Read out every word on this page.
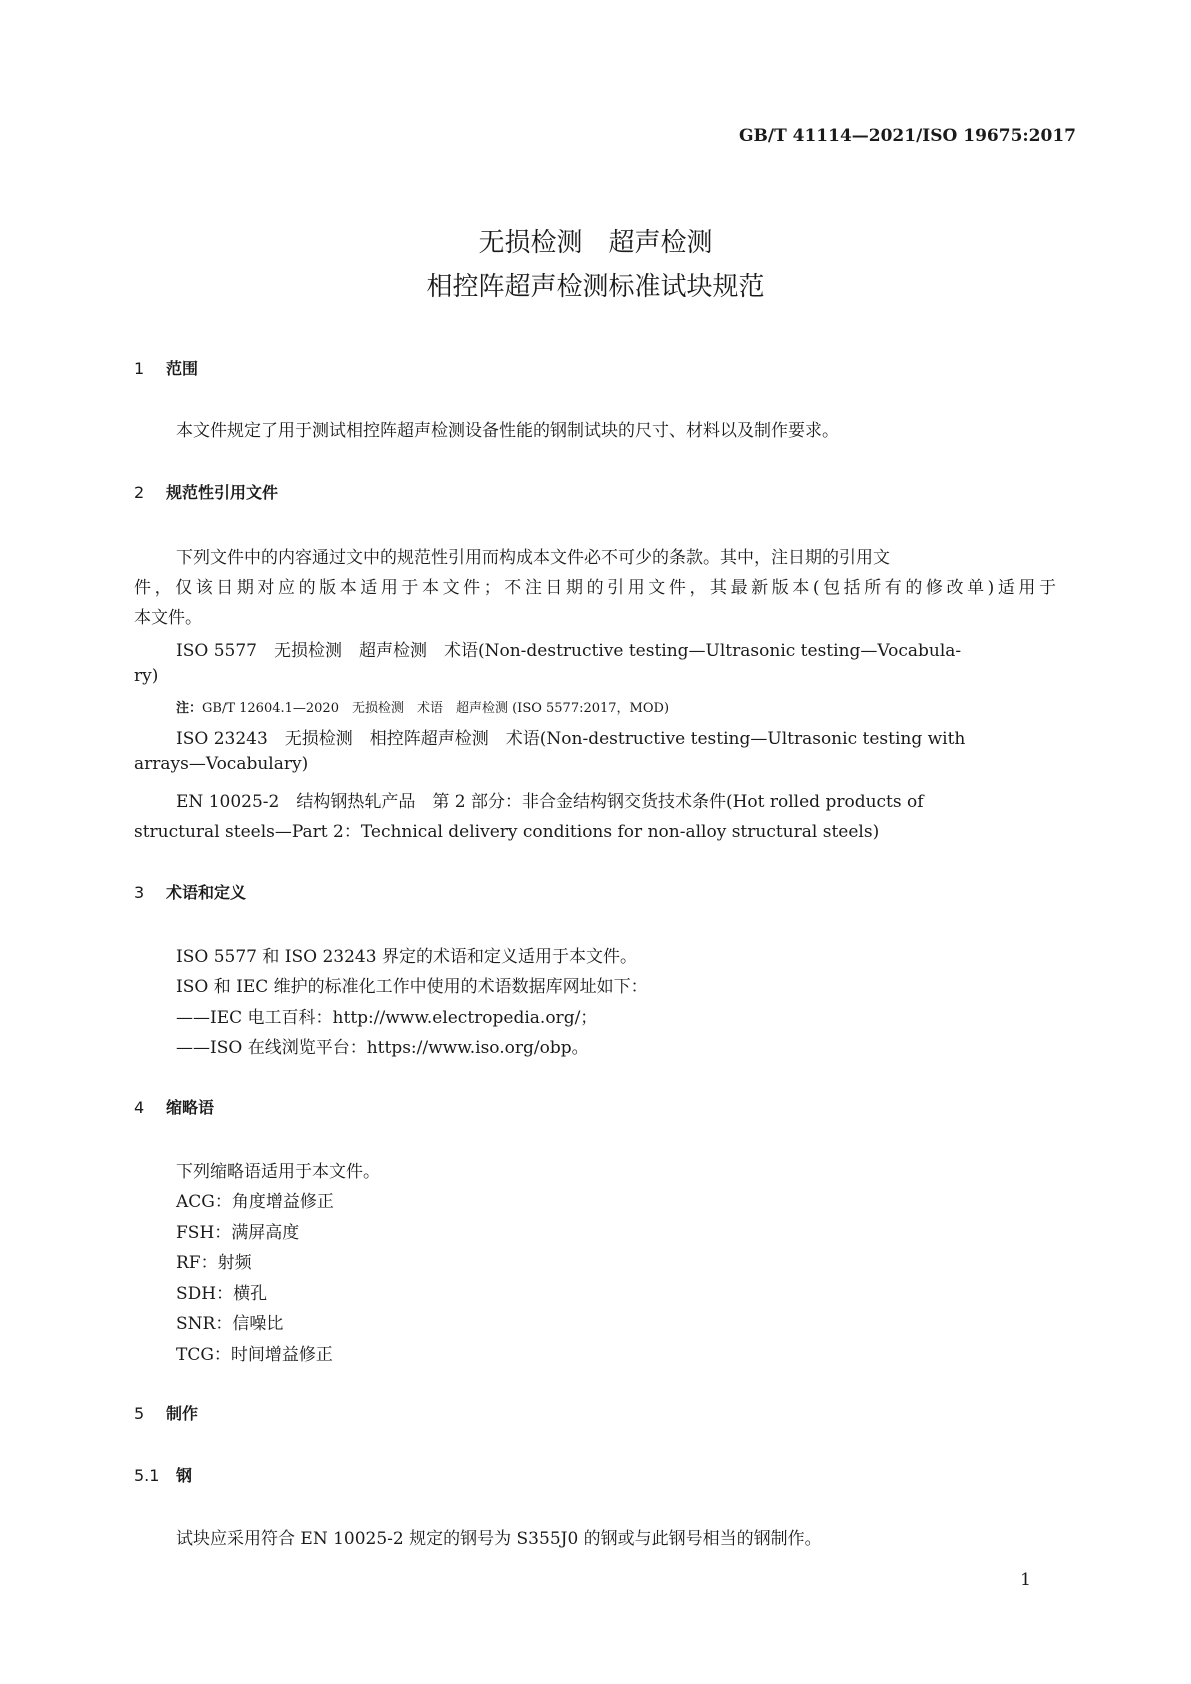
GB/T 41114—2021/ISO 19675:2017
无损检测　超声检测
相控阵超声检测标准试块规范
1 范围
本文件规定了用于测试相控阵超声检测设备性能的钢制试块的尺寸、材料以及制作要求。
2 规范性引用文件
下列文件中的内容通过文中的规范性引用而构成本文件必不可少的条款。其中，注日期的引用文
件，仅该日期对应的版本适用于本文件；不注日期的引用文件，其最新版本(包括所有的修改单)适用于
本文件。
ISO 5577　无损检测　超声检测　术语(Non-destructive testing—Ultrasonic testing—Vocabula-
ry)
注：GB/T 12604.1—2020　无损检测　术语　超声检测 (ISO 5577:2017，MOD)
ISO 23243　无损检测　相控阵超声检测　术语(Non-destructive testing—Ultrasonic testing with
arrays—Vocabulary)
EN 10025-2　结构钢热轧产品　第 2 部分：非合金结构钢交货技术条件(Hot rolled products of
structural steels—Part 2：Technical delivery conditions for non-alloy structural steels)
3 术语和定义
ISO 5577 和 ISO 23243 界定的术语和定义适用于本文件。
ISO 和 IEC 维护的标准化工作中使用的术语数据库网址如下：
——IEC 电工百科：http://www.electropedia.org/；
——ISO 在线浏览平台：https://www.iso.org/obp。
4 缩略语
下列缩略语适用于本文件。
ACG：角度增益修正
FSH：满屏高度
RF：射频
SDH：横孔
SNR：信噪比
TCG：时间增益修正
5 制作
5.1 钢
试块应采用符合 EN 10025-2 规定的钢号为 S355J0 的钢或与此钢号相当的钢制作。
1
